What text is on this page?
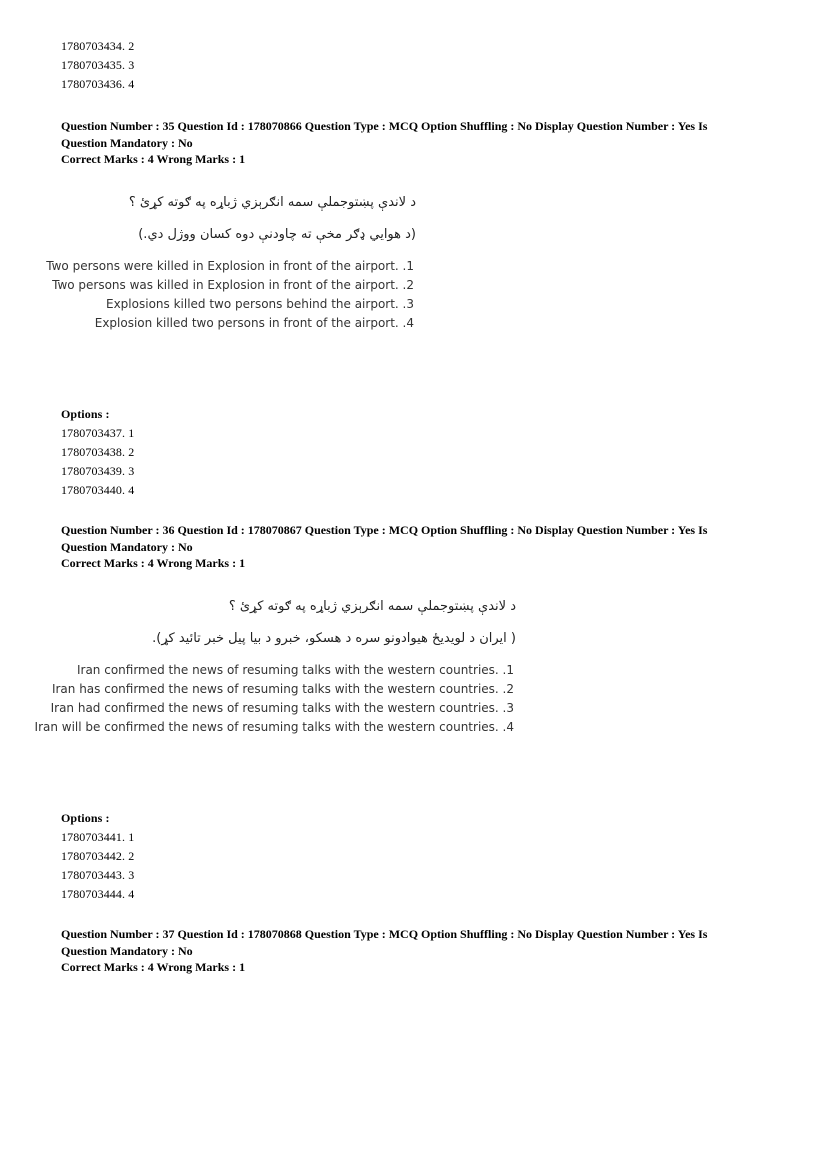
1780703434. 2
1780703435. 3
1780703436. 4
Question Number : 35 Question Id : 178070866 Question Type : MCQ Option Shuffling : No Display Question Number : Yes Is
Question Mandatory : No
Correct Marks : 4 Wrong Marks : 1
د لاندې پښتوجملې سمه انګرېزي ژباړه په ګوته کړئ ؟
(د هوايي ډګر مخې ته چاودنې دوه کسان ووژل دي.)
Two persons were killed in Explosion in front of the airport. .1
Two persons was killed in Explosion in front of the airport. .2
Explosions killed two persons behind the airport. .3
Explosion killed two persons in front of the airport. .4
Options :
1780703437. 1
1780703438. 2
1780703439. 3
1780703440. 4
Question Number : 36 Question Id : 178070867 Question Type : MCQ Option Shuffling : No Display Question Number : Yes Is
Question Mandatory : No
Correct Marks : 4 Wrong Marks : 1
د لاندې پښتوجملې سمه انګرېزي ژباړه په ګوته کړئ ؟
( ایران د لویدیځ هیوادونو سره د هسکو، خبرو د بیا پیل خبر تائید کړ).
Iran confirmed the news of resuming talks with the western countries. .1
Iran has confirmed the news of resuming talks with the western countries. .2
Iran had confirmed the news of resuming talks with the western countries. .3
Iran will be confirmed the news of resuming talks with the western countries. .4
Options :
1780703441. 1
1780703442. 2
1780703443. 3
1780703444. 4
Question Number : 37 Question Id : 178070868 Question Type : MCQ Option Shuffling : No Display Question Number : Yes Is
Question Mandatory : No
Correct Marks : 4 Wrong Marks : 1
